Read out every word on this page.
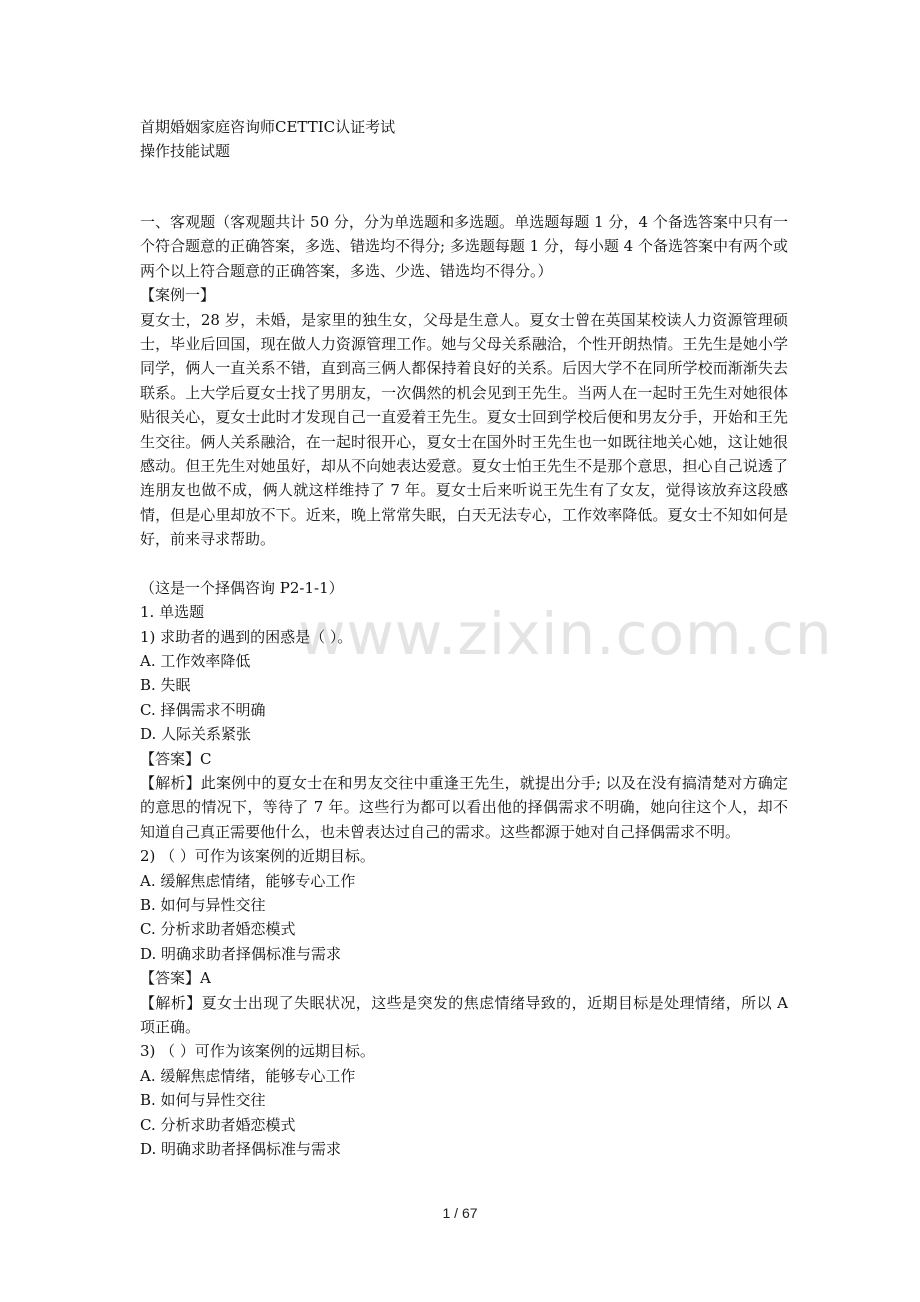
首期婚姻家庭咨询师CETTIC认证考试
操作技能试题
www.zixin.com.cn

一、客观题（客观题共计 50 分，分为单选题和多选题。单选题每题 1 分，4 个备选答案中只有一个符合题意的正确答案，多选、错选均不得分; 多选题每题 1 分，每小题 4 个备选答案中有两个或两个以上符合题意的正确答案，多选、少选、错选均不得分。）

【案例一】

夏女士，28 岁，未婚，是家里的独生女，父母是生意人。夏女士曾在英国某校读人力资源管理硕士，毕业后回国，现在做人力资源管理工作。她与父母关系融洽，个性开朗热情。王先生是她小学同学，俩人一直关系不错，直到高三俩人都保持着良好的关系。后因大学不在同所学校而渐渐失去联系。上大学后夏女士找了男朋友，一次偶然的机会见到王先生。当两人在一起时王先生对她很体贴很关心，夏女士此时才发现自己一直爱着王先生。夏女士回到学校后便和男友分手，开始和王先生交往。俩人关系融洽，在一起时很开心，夏女士在国外时王先生也一如既往地关心她，这让她很感动。但王先生对她虽好，却从不向她表达爱意。夏女士怕王先生不是那个意思，担心自己说透了连朋友也做不成，俩人就这样维持了 7 年。夏女士后来听说王先生有了女友，觉得该放弃这段感情，但是心里却放不下。近来，晚上常常失眠，白天无法专心，工作效率降低。夏女士不知如何是好，前来寻求帮助。

（这是一个择偶咨询 P2-1-1）

1. 单选题

1) 求助者的遇到的困惑是（ ）。

A. 工作效率降低

B. 失眠

C. 择偶需求不明确

D. 人际关系紧张

【答案】C

【解析】此案例中的夏女士在和男友交往中重逢王先生，就提出分手; 以及在没有搞清楚对方确定的意思的情况下，等待了 7 年。这些行为都可以看出他的择偶需求不明确，她向往这个人，却不知道自己真正需要他什么，也未曾表达过自己的需求。这些都源于她对自己择偶需求不明。

2) （ ）可作为该案例的近期目标。

A. 缓解焦虑情绪，能够专心工作

B. 如何与异性交往

C. 分析求助者婚恋模式

D. 明确求助者择偶标准与需求

【答案】A

【解析】夏女士出现了失眠状况，这些是突发的焦虑情绪导致的，近期目标是处理情绪，所以 A 项正确。

3) （ ）可作为该案例的远期目标。

A. 缓解焦虑情绪，能够专心工作

B. 如何与异性交往

C. 分析求助者婚恋模式

D. 明确求助者择偶标准与需求

1 / 67
